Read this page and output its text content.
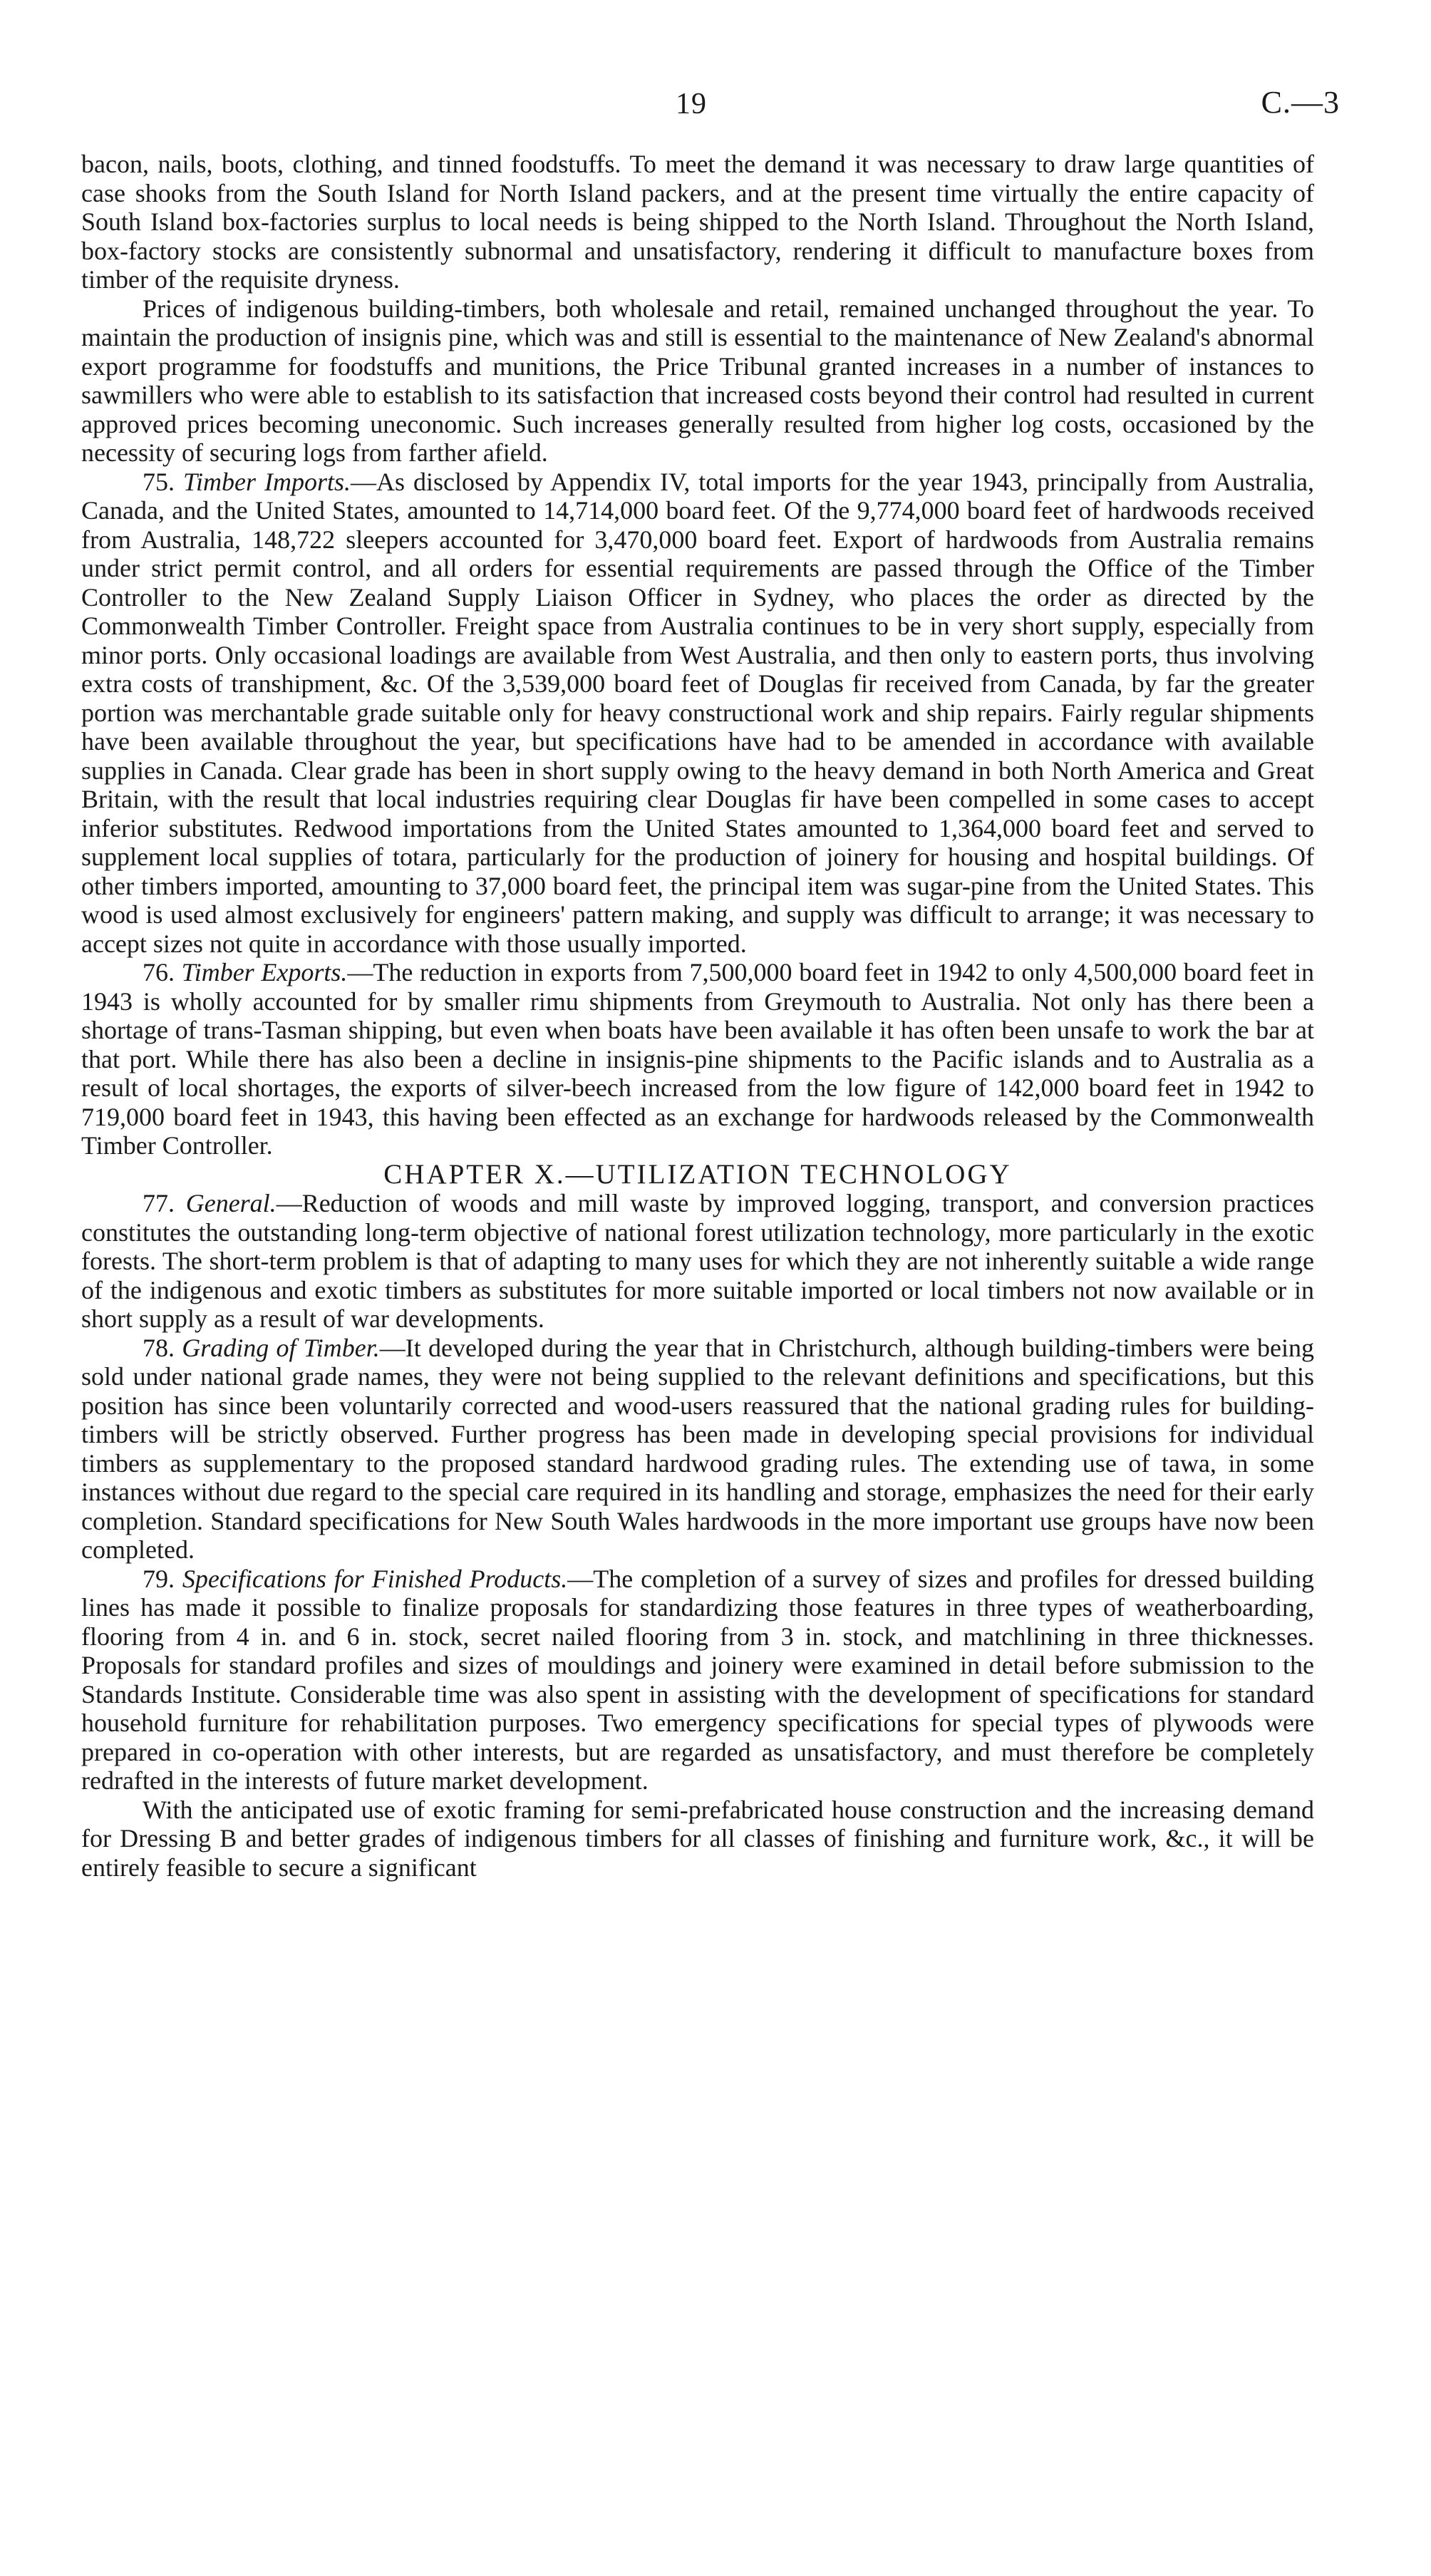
19	C.—3

bacon, nails, boots, clothing, and tinned foodstuffs. To meet the demand it was necessary to draw large quantities of case shooks from the South Island for North Island packers, and at the present time virtually the entire capacity of South Island box-factories surplus to local needs is being shipped to the North Island. Throughout the North Island, box-factory stocks are consistently subnormal and unsatisfactory, rendering it difficult to manufacture boxes from timber of the requisite dryness.

Prices of indigenous building-timbers, both wholesale and retail, remained unchanged throughout the year. To maintain the production of insignis pine, which was and still is essential to the maintenance of New Zealand's abnormal export programme for foodstuffs and munitions, the Price Tribunal granted increases in a number of instances to sawmillers who were able to establish to its satisfaction that increased costs beyond their control had resulted in current approved prices becoming uneconomic. Such increases generally resulted from higher log costs, occasioned by the necessity of securing logs from farther afield.

75. Timber Imports.—As disclosed by Appendix IV, total imports for the year 1943, principally from Australia, Canada, and the United States, amounted to 14,714,000 board feet. Of the 9,774,000 board feet of hardwoods received from Australia, 148,722 sleepers accounted for 3,470,000 board feet. Export of hardwoods from Australia remains under strict permit control, and all orders for essential requirements are passed through the Office of the Timber Controller to the New Zealand Supply Liaison Officer in Sydney, who places the order as directed by the Commonwealth Timber Controller. Freight space from Australia continues to be in very short supply, especially from minor ports. Only occasional loadings are available from West Australia, and then only to eastern ports, thus involving extra costs of transhipment, &c. Of the 3,539,000 board feet of Douglas fir received from Canada, by far the greater portion was merchantable grade suitable only for heavy constructional work and ship repairs. Fairly regular shipments have been available throughout the year, but specifications have had to be amended in accordance with available supplies in Canada. Clear grade has been in short supply owing to the heavy demand in both North America and Great Britain, with the result that local industries requiring clear Douglas fir have been compelled in some cases to accept inferior substitutes. Redwood importations from the United States amounted to 1,364,000 board feet and served to supplement local supplies of totara, particularly for the production of joinery for housing and hospital buildings. Of other timbers imported, amounting to 37,000 board feet, the principal item was sugar-pine from the United States. This wood is used almost exclusively for engineers' pattern making, and supply was difficult to arrange; it was necessary to accept sizes not quite in accordance with those usually imported.

76. Timber Exports.—The reduction in exports from 7,500,000 board feet in 1942 to only 4,500,000 board feet in 1943 is wholly accounted for by smaller rimu shipments from Greymouth to Australia. Not only has there been a shortage of trans-Tasman shipping, but even when boats have been available it has often been unsafe to work the bar at that port. While there has also been a decline in insignis-pine shipments to the Pacific islands and to Australia as a result of local shortages, the exports of silver-beech increased from the low figure of 142,000 board feet in 1942 to 719,000 board feet in 1943, this having been effected as an exchange for hardwoods released by the Commonwealth Timber Controller.

CHAPTER X.—UTILIZATION TECHNOLOGY

77. General.—Reduction of woods and mill waste by improved logging, transport, and conversion practices constitutes the outstanding long-term objective of national forest utilization technology, more particularly in the exotic forests. The short-term problem is that of adapting to many uses for which they are not inherently suitable a wide range of the indigenous and exotic timbers as substitutes for more suitable imported or local timbers not now available or in short supply as a result of war developments.

78. Grading of Timber.—It developed during the year that in Christchurch, although building-timbers were being sold under national grade names, they were not being supplied to the relevant definitions and specifications, but this position has since been voluntarily corrected and wood-users reassured that the national grading rules for building-timbers will be strictly observed. Further progress has been made in developing special provisions for individual timbers as supplementary to the proposed standard hardwood grading rules. The extending use of tawa, in some instances without due regard to the special care required in its handling and storage, emphasizes the need for their early completion. Standard specifications for New South Wales hardwoods in the more important use groups have now been completed.

79. Specifications for Finished Products.—The completion of a survey of sizes and profiles for dressed building lines has made it possible to finalize proposals for standardizing those features in three types of weatherboarding, flooring from 4 in. and 6 in. stock, secret nailed flooring from 3 in. stock, and matchlining in three thicknesses. Proposals for standard profiles and sizes of mouldings and joinery were examined in detail before submission to the Standards Institute. Considerable time was also spent in assisting with the development of specifications for standard household furniture for rehabilitation purposes. Two emergency specifications for special types of plywoods were prepared in co-operation with other interests, but are regarded as unsatisfactory, and must therefore be completely redrafted in the interests of future market development.

With the anticipated use of exotic framing for semi-prefabricated house construction and the increasing demand for Dressing B and better grades of indigenous timbers for all classes of finishing and furniture work, &c., it will be entirely feasible to secure a significant
